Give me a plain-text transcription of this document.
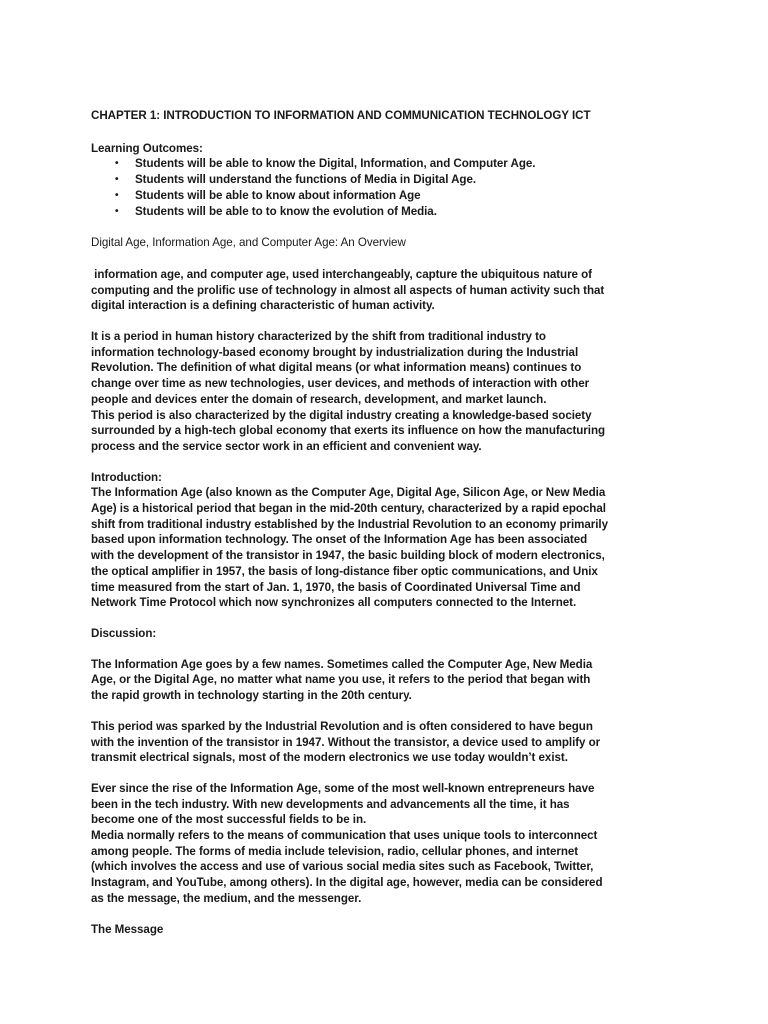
CHAPTER 1: INTRODUCTION TO INFORMATION AND COMMUNICATION TECHNOLOGY ICT

Learning Outcomes:

• Students will be able to know the Digital, Information, and Computer Age.
• Students will understand the functions of Media in Digital Age.
• Students will be able to know about information Age
• Students will be able to to know the evolution of Media.

Digital Age, Information Age, and Computer Age: An Overview

information age, and computer age, used interchangeably, capture the ubiquitous nature of
computing and the prolific use of technology in almost all aspects of human activity such that
digital interaction is a defining characteristic of human activity.

It is a period in human history characterized by the shift from traditional industry to
information technology-based economy brought by industrialization during the Industrial
Revolution. The definition of what digital means (or what information means) continues to
change over time as new technologies, user devices, and methods of interaction with other
people and devices enter the domain of research, development, and market launch.
This period is also characterized by the digital industry creating a knowledge-based society
surrounded by a high-tech global economy that exerts its influence on how the manufacturing
process and the service sector work in an efficient and convenient way.

Introduction:
The Information Age (also known as the Computer Age, Digital Age, Silicon Age, or New Media
Age) is a historical period that began in the mid-20th century, characterized by a rapid epochal
shift from traditional industry established by the Industrial Revolution to an economy primarily
based upon information technology. The onset of the Information Age has been associated
with the development of the transistor in 1947, the basic building block of modern electronics,
the optical amplifier in 1957, the basis of long-distance fiber optic communications, and Unix
time measured from the start of Jan. 1, 1970, the basis of Coordinated Universal Time and
Network Time Protocol which now synchronizes all computers connected to the Internet.

Discussion:

The Information Age goes by a few names. Sometimes called the Computer Age, New Media
Age, or the Digital Age, no matter what name you use, it refers to the period that began with
the rapid growth in technology starting in the 20th century.

This period was sparked by the Industrial Revolution and is often considered to have begun
with the invention of the transistor in 1947. Without the transistor, a device used to amplify or
transmit electrical signals, most of the modern electronics we use today wouldn’t exist.

Ever since the rise of the Information Age, some of the most well-known entrepreneurs have
been in the tech industry. With new developments and advancements all the time, it has
become one of the most successful fields to be in.
Media normally refers to the means of communication that uses unique tools to interconnect
among people. The forms of media include television, radio, cellular phones, and internet
(which involves the access and use of various social media sites such as Facebook, Twitter,
Instagram, and YouTube, among others). In the digital age, however, media can be considered
as the message, the medium, and the messenger.

The Message
